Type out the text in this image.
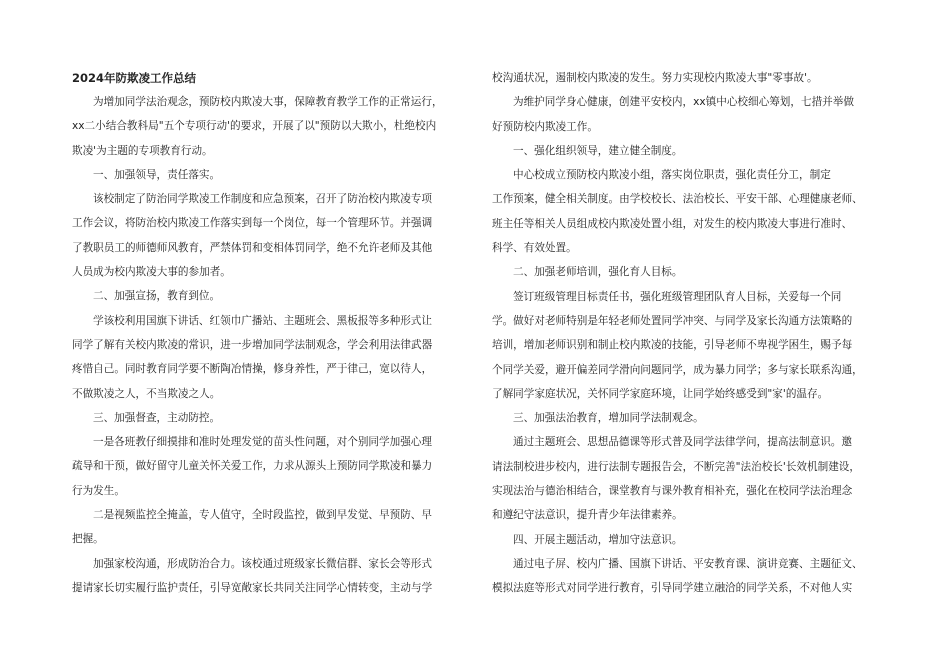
2024年防欺凌工作总结
为增加同学法治观念，预防校内欺凌大事，保障教育教学工作的正常运行，
xx二小结合教科局"五个专项行动'的要求，开展了以"预防以大欺小，杜绝校内
欺凌'为主题的专项教育行动。
一、加强领导，责任落实。
该校制定了防治同学欺凌工作制度和应急预案，召开了防治校内欺凌专项
工作会议，将防治校内欺凌工作落实到每一个岗位，每一个管理环节。并强调
了教职员工的师德师风教育，严禁体罚和变相体罚同学，绝不允许老师及其他
人员成为校内欺凌大事的参加者。
二、加强宣扬，教育到位。
学该校利用国旗下讲话、红领巾广播站、主题班会、黑板报等多种形式让
同学了解有关校内欺凌的常识，进一步增加同学法制观念，学会利用法律武器
疼惜自己。同时教育同学要不断陶冶情操，修身养性，严于律己，宽以待人，
不做欺凌之人，不当欺凌之人。
三、加强督查，主动防控。
一是各班教仔细摸排和准时处理发觉的苗头性问题，对个别同学加强心理
疏导和干预，做好留守儿童关怀关爱工作，力求从源头上预防同学欺凌和暴力
行为发生。
二是视频监控全掩盖，专人值守，全时段监控，做到早发觉、早预防、早
把握。
加强家校沟通，形成防治合力。该校通过班级家长微信群、家长会等形式
提请家长切实履行监护责任，引导宽敞家长共同关注同学心情转变，主动与学
校沟通状况，遏制校内欺凌的发生。努力实现校内欺凌大事"零事故'。
为维护同学身心健康，创建平安校内，xx镇中心校细心筹划，七措并举做
好预防校内欺凌工作。
一、强化组织领导，建立健全制度。
中心校成立预防校内欺凌小组，落实岗位职责，强化责任分工，制定
工作预案，健全相关制度。由学校校长、法治校长、平安干部、心理健康老师、
班主任等相关人员组成校内欺凌处置小组，对发生的校内欺凌大事进行准时、
科学、有效处置。
二、加强老师培训，强化育人目标。
签订班级管理目标责任书，强化班级管理团队育人目标，关爱每一个同
学。做好对老师特别是年轻老师处置同学冲突、与同学及家长沟通方法策略的
培训，增加老师识别和制止校内欺凌的技能，引导老师不卑视学困生，赐予每
个同学关爱，避开偏差同学滑向问题同学，成为暴力同学；多与家长联系沟通，
了解同学家庭状况，关怀同学家庭环境，让同学始终感受到"家'的温存。
三、加强法治教育，增加同学法制观念。
通过主题班会、思想品德课等形式普及同学法律学问，提高法制意识。邀
请法制校进步校内，进行法制专题报告会，不断完善"法治校长'长效机制建设，
实现法治与德治相结合，课堂教育与课外教育相补充，强化在校同学法治理念
和遵纪守法意识，提升青少年法律素养。
四、开展主题活动，增加守法意识。
通过电子屏、校内广播、国旗下讲话、平安教育课、演讲竞赛、主题征文、
模拟法庭等形式对同学进行教育，引导同学建立融洽的同学关系，不对他人实
